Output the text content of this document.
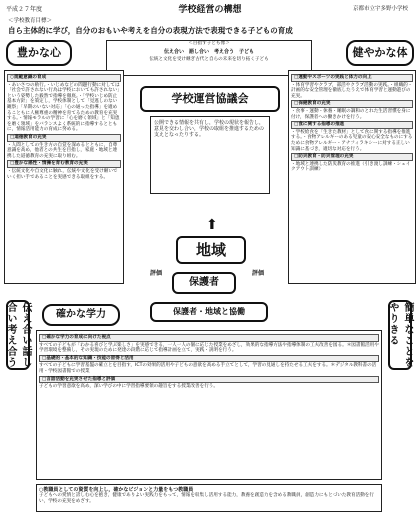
平成２７年度	学校経営の構想	京都市立宇多野小学校
＜学校教育目標＞
自ら主体的に学び，自分のおもいや考えを自分の表現方法で表現できる子どもの育成
豊かな心	健やかな体
＜目指す子ども像＞
伝え合い　語し合い　考え合う　子ども
伝統と文化を受け継ぎ古代と自らの未来を切り拓く子ども
○規範意識の育成
・あいさつの励行。・いじめなどの問題行動に対しては「社会で許されない行為は学校においても許されない」という姿勢した毅然で指導を徹底。・「学校いじめ防止基本方針」を策定し，学校体制として「見逃しのない観察」「早期のいない対応」「心の通った指導」を適めることもに人権尊重の精神を育てるための教育を充実する。・情報モラルの学習に「心を磨く領域」と「知恵を磨く領域」をバランスよく系統的に指導するとともに，情報活用能力の育成に努める。
□道徳教育の充実
・人間としての生き方の自覚を深めるとともに，自尊意識を高め，他者との共生を目指し，家庭・地域と連携した道徳教育の充実に取り組む。
□豊かな感性・情操を育む教育の充実
・伝統文化や自文化に触れ，伝統や文化を受け継いでいく担い手であることを実感できる取組をする。
□運動やスポーツの実践と体力の向上
・体育学習やクラブ，部活やクラブ活動の実践。・組織的・計画的な安全管理を徹底したうえで体育学習と運動遊びの充実。
□保健教育の充実
・食事・運動・休養・睡眠の調和のとれた生活習慣を身に付け，保護者への働きかけを行う。
□食に関する指導の推進
・学校給食を「生きた教材」として食に関する指導を推進する。・食物アレルギーのある児童の安心安全なものにするために食物アレルギー・アナフィラキシーに対する正しい知識に基づき，適切な対応を行う。
□防災教育・防災管理の充実
・地域と連携した防災教育の推進（引き渡し訓練・シェイクアウト訓練）
学校運営協議会
公開できる情報を共有し，学校の現状を報告し，意見を交わし合い，学校の取組を推進するための支えとなったりする。
地域
保護者
保護者・地域と協働
評価	評価
⬆
伝え合い話し合い考え合う	簡単なことをやりきる
確かな学力
□確かな学力の育成に向けた視点
すべての子どもが「わかる喜びと学ぶ楽しさ」を実感できる，一人一人の個に応じた授業をめざし，効果的な指導方法や指導体制の工夫改善を図る。＊図書館活用や学習環境を整備し，その実現のために発達の段階に応じて指導計画を立て，実践・説明を行う。
□基礎的・基本的な知識・技能の習得と活用
すべての子どもに学習基盤の確立とを目指す，ICTの効果的活用や子どもの意欲を高める手立てとして，学習の見通しを持たせる工夫をする。＊デジタル教科書の活用・学校図書館での授業
□言語活動を充実させた指導と評価
子どもの学習意欲を高め，深い学びの中に学習指導要領の趣旨をする授業改善を行う。
○教職員としての資質を向上し，確かなビジョンと力量をもつ教職員
子どもへの愛情と誇しむ心を抱き，健康でありよい実践力をもって，情報を収集し活用する能力，教養を創造力を含める教職員，創造力にもとづいた教育活動を行い，学校の充実をめざす。
